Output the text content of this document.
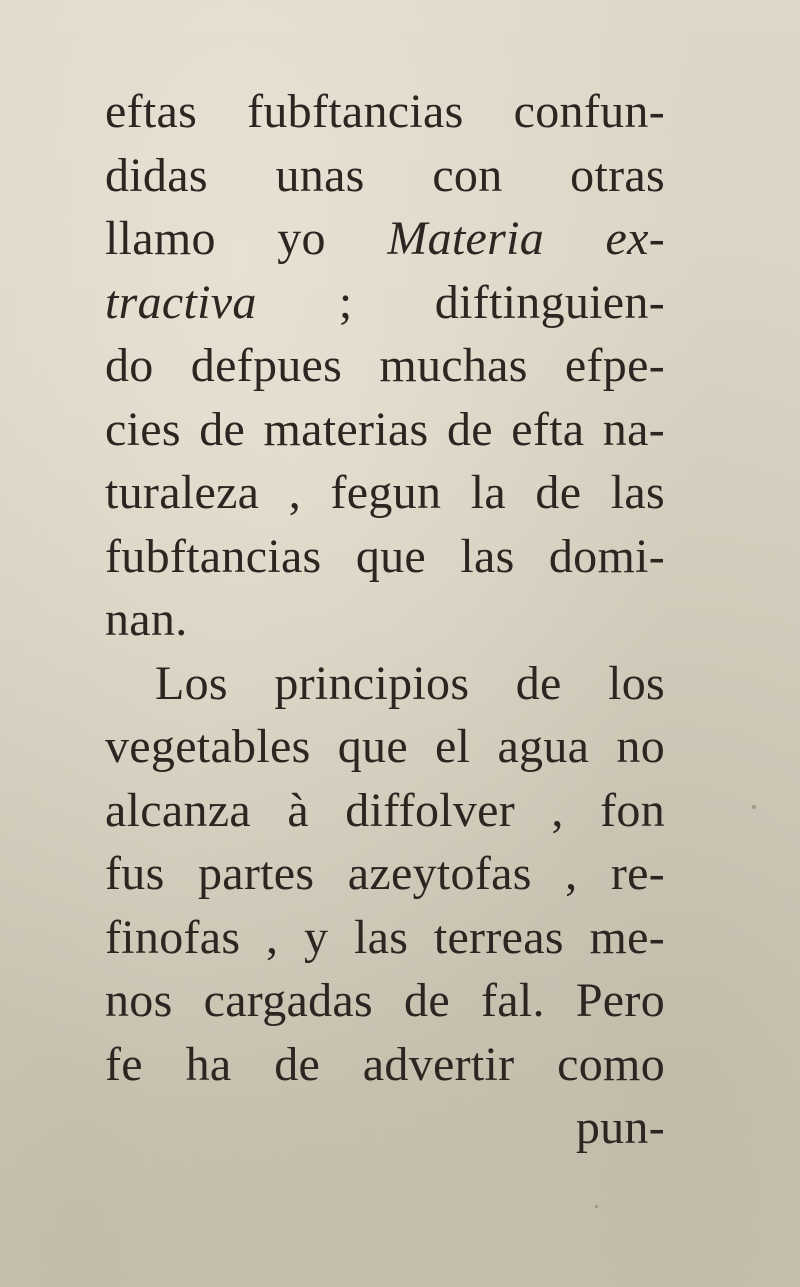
eftas fubftancias confun-
didas unas con otras
llamo yo Materia ex-
tractiva ; diftinguien-
do defpues muchas efpe-
cies de materias de efta na-
turaleza , fegun la de las
fubftancias que las domi-
nan.
Los principios de los
vegetables que el agua no
alcanza à diffolver , fon
fus partes azeytofas , re-
finofas , y las terreas me-
nos cargadas de fal. Pero
fe ha de advertir como
pun-
